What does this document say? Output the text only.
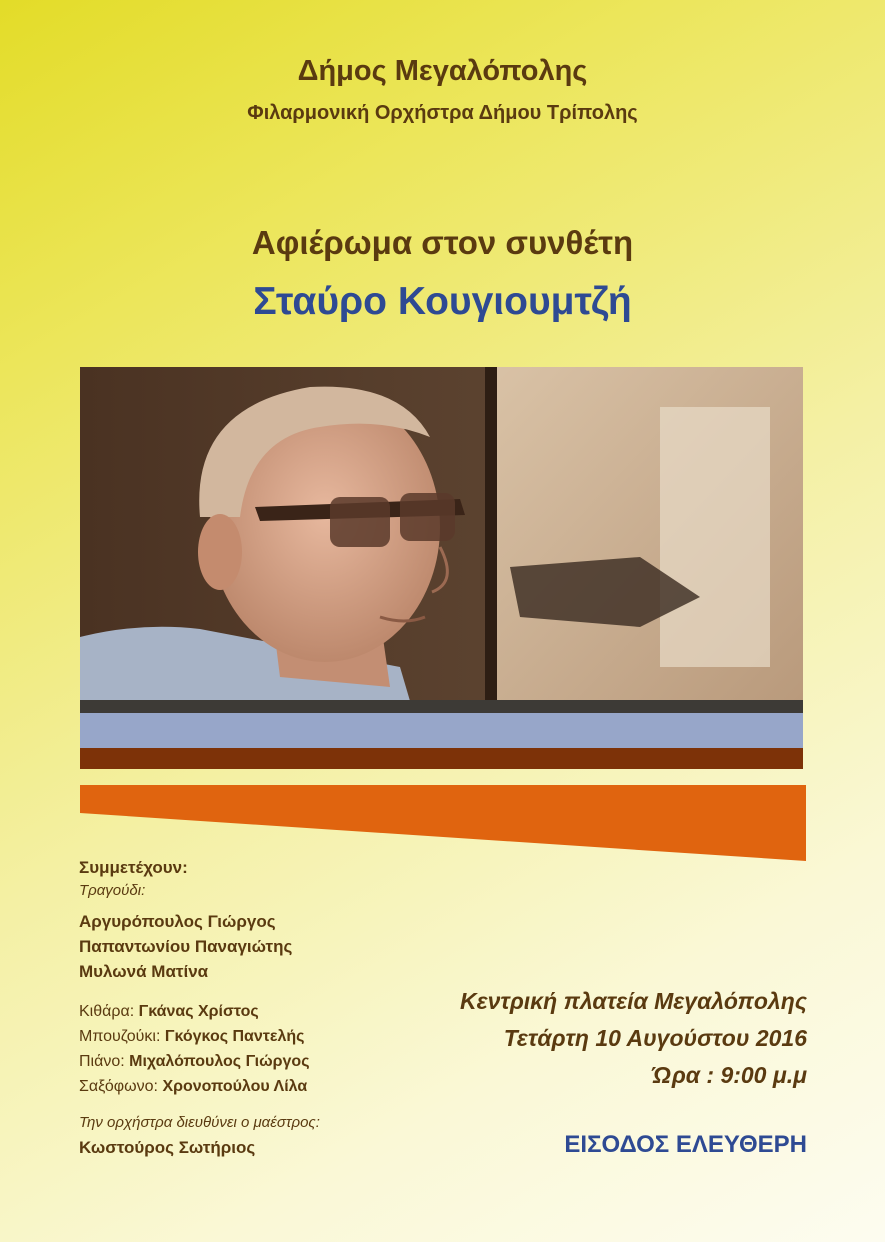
Δήμος Μεγαλόπολης
Φιλαρμονική Ορχήστρα Δήμου Τρίπολης
Αφιέρωμα στον συνθέτη
Σταύρο Κουγιουμτζή
Συμμετέχουν:
Τραγούδι:
Αργυρόπουλος Γιώργος
Παπαντωνίου Παναγιώτης
Μυλωνά Ματίνα
Κιθάρα: Γκάνας Χρίστος
Μπουζούκι: Γκόγκος Παντελής
Πιάνο: Μιχαλόπουλος Γιώργος
Σαξόφωνο: Χρονοπούλου Λίλα
Την ορχήστρα διευθύνει ο μαέστρος:
Κωστούρος Σωτήριος
Κεντρική πλατεία Μεγαλόπολης
Τετάρτη 10 Αυγούστου 2016
Ώρα : 9:00 μ.μ
ΕΙΣΟΔΟΣ ΕΛΕΥΘΕΡΗ
